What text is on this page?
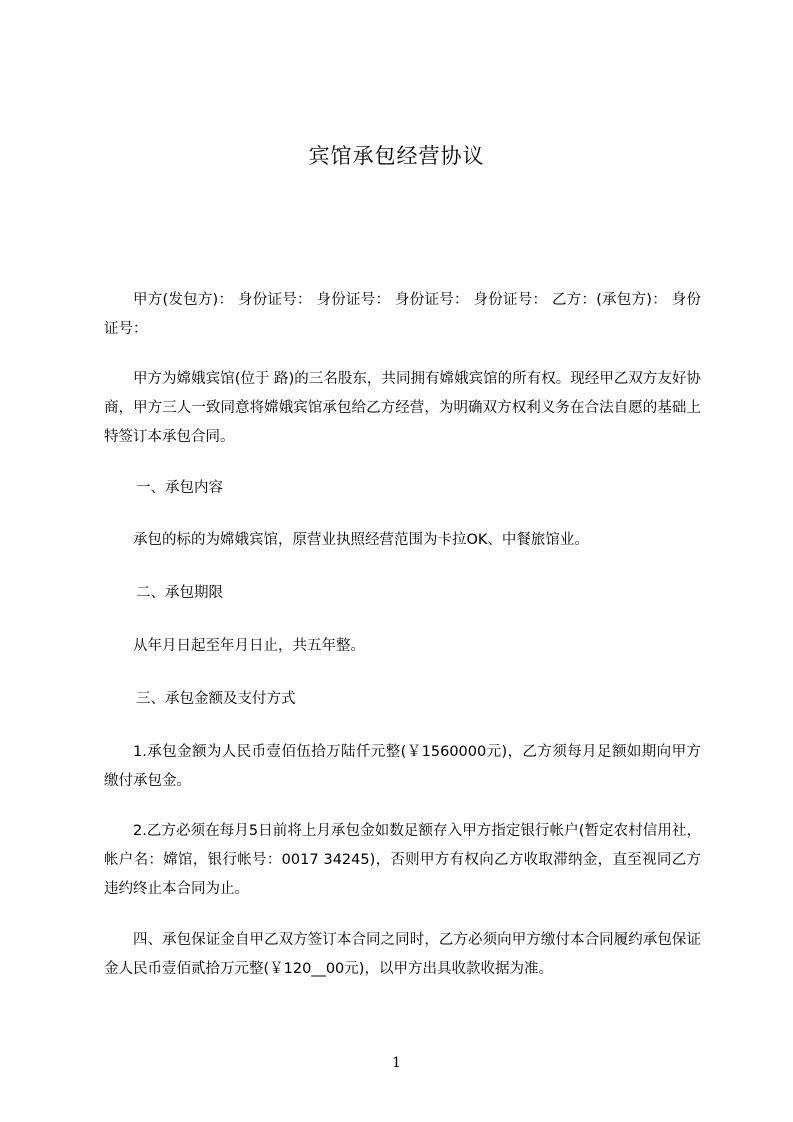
宾馆承包经营协议

甲方(发包方)： 身份证号： 身份证号： 身份证号： 身份证号： 乙方：(承包方)： 身份证号：

甲方为嫦娥宾馆(位于 路)的三名股东，共同拥有嫦娥宾馆的所有权。现经甲乙双方友好协商，甲方三人一致同意将嫦娥宾馆承包给乙方经营，为明确双方权利义务在合法自愿的基础上特签订本承包合同。

一、承包内容

承包的标的为嫦娥宾馆，原营业执照经营范围为卡拉OK、中餐旅馆业。

二、承包期限

从年月日起至年月日止，共五年整。

三、承包金额及支付方式

1.承包金额为人民币壹佰伍拾万陆仟元整(￥1560000元)，乙方须每月足额如期向甲方缴付承包金。

2.乙方必须在每月5日前将上月承包金如数足额存入甲方指定银行帐户(暂定农村信用社，帐户名：嫦馆，银行帐号：0017 34245)，否则甲方有权向乙方收取滞纳金，直至视同乙方违约终止本合同为止。

四、承包保证金自甲乙双方签订本合同之同时，乙方必须向甲方缴付本合同履约承包保证金人民币壹佰贰拾万元整(￥120__00元)，以甲方出具收款收据为准。

1
